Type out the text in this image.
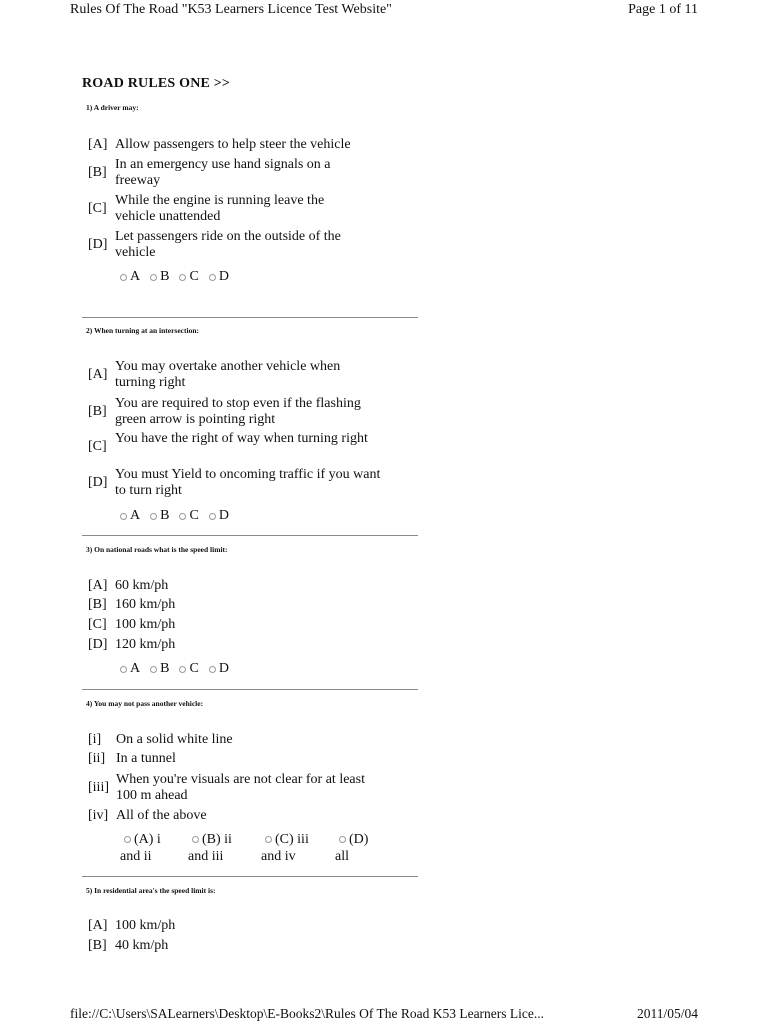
Rules Of The Road "K53 Learners Licence Test Website"	Page 1 of 11
ROAD RULES ONE >>
1) A driver may:
[A] Allow passengers to help steer the vehicle
[B]
In an emergency use hand signals on a freeway
[C]
While the engine is running leave the vehicle unattended
[D]
Let passengers ride on the outside of the vehicle
A B C D
2) When turning at an intersection:
[A]
You may overtake another vehicle when turning right
[B]
You are required to stop even if the flashing green arrow is pointing right
[C]
You have the right of way when turning right
[D]
You must Yield to oncoming traffic if you want to turn right
A B C D
3) On national roads what is the speed limit:
[A] 60 km/ph
[B] 160 km/ph
[C] 100 km/ph
[D] 120 km/ph
A B C D
4) You may not pass another vehicle:
[i] On a solid white line
[ii] In a tunnel
[iii]
When you're visuals are not clear for at least 100 m ahead
[iv] All of the above
(A) i
and ii
(B) ii
and iii
(C) iii
and iv
(D)
all
5) In residential area's the speed limit is:
[A] 100 km/ph
[B] 40 km/ph
file://C:\Users\SALearners\Desktop\E-Books2\Rules Of The Road K53 Learners Lice...	2011/05/04
